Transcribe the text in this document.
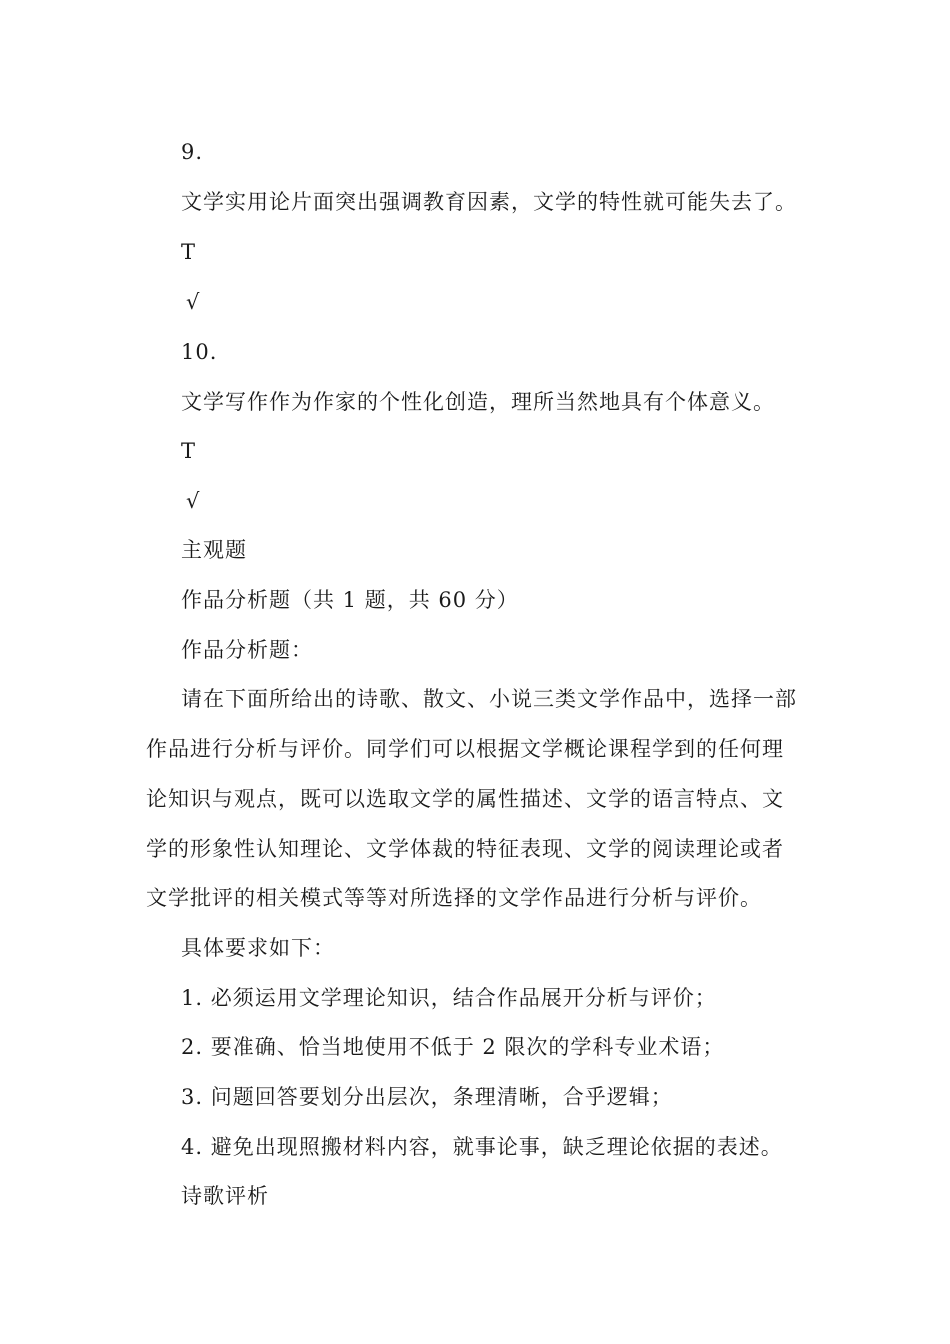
9.
文学实用论片面突出强调教育因素，文学的特性就可能失去了。
T
√
10.
文学写作作为作家的个性化创造，理所当然地具有个体意义。
T
√
主观题
作品分析题（共 1 题，共 60 分）
作品分析题：
请在下面所给出的诗歌、散文、小说三类文学作品中，选择一部
作品进行分析与评价。同学们可以根据文学概论课程学到的任何理
论知识与观点，既可以选取文学的属性描述、文学的语言特点、文
学的形象性认知理论、文学体裁的特征表现、文学的阅读理论或者
文学批评的相关模式等等对所选择的文学作品进行分析与评价。
具体要求如下：
1. 必须运用文学理论知识，结合作品展开分析与评价；
2. 要准确、恰当地使用不低于 2 限次的学科专业术语；
3. 问题回答要划分出层次，条理清晰，合乎逻辑；
4. 避免出现照搬材料内容，就事论事，缺乏理论依据的表述。
诗歌评析
